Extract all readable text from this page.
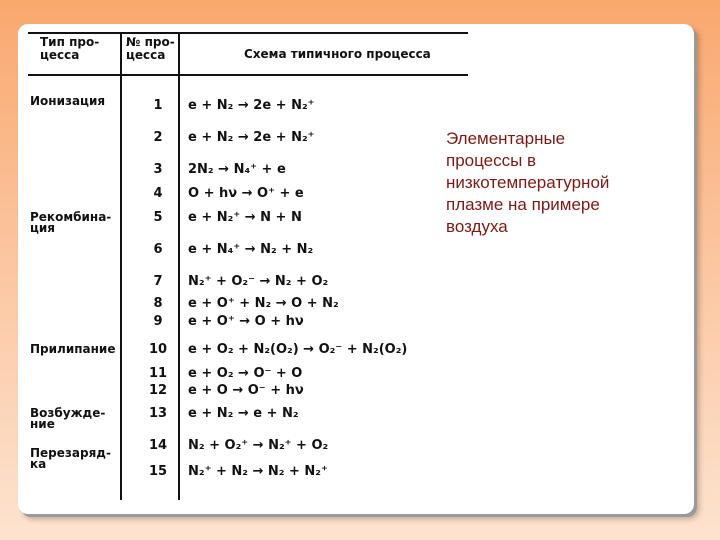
Тип про-
цесса
№ про-
цесса	Схема типичного процесса
Ионизация
Рекомбина-
ция
Прилипание
Возбужде-
ние
Перезаряд-
ка
1
2
3
4
5
6
7
8
9
10
11
12
13
14
15
e + N₂ → 2e + N₂⁺
e + N₂ → 2e + N₂⁺
2N₂ → N₄⁺ + e
O + hν → O⁺ + e
e + N₂⁺ → N + N
e + N₄⁺ → N₂ + N₂
N₂⁺ + O₂⁻ → N₂ + O₂
e + O⁺ + N₂ → O + N₂
e + O⁺ → O + hν
e + O₂ + N₂(O₂) → O₂⁻ + N₂(O₂)
e + O₂ → O⁻ + O
e + O → O⁻ + hν
e + N₂ → e + N₂
N₂ + O₂⁺ → N₂⁺ + O₂
N₂⁺ + N₂ → N₂ + N₂⁺
Элементарные
процессы в
низкотемпературной
плазме на примере
воздуха
